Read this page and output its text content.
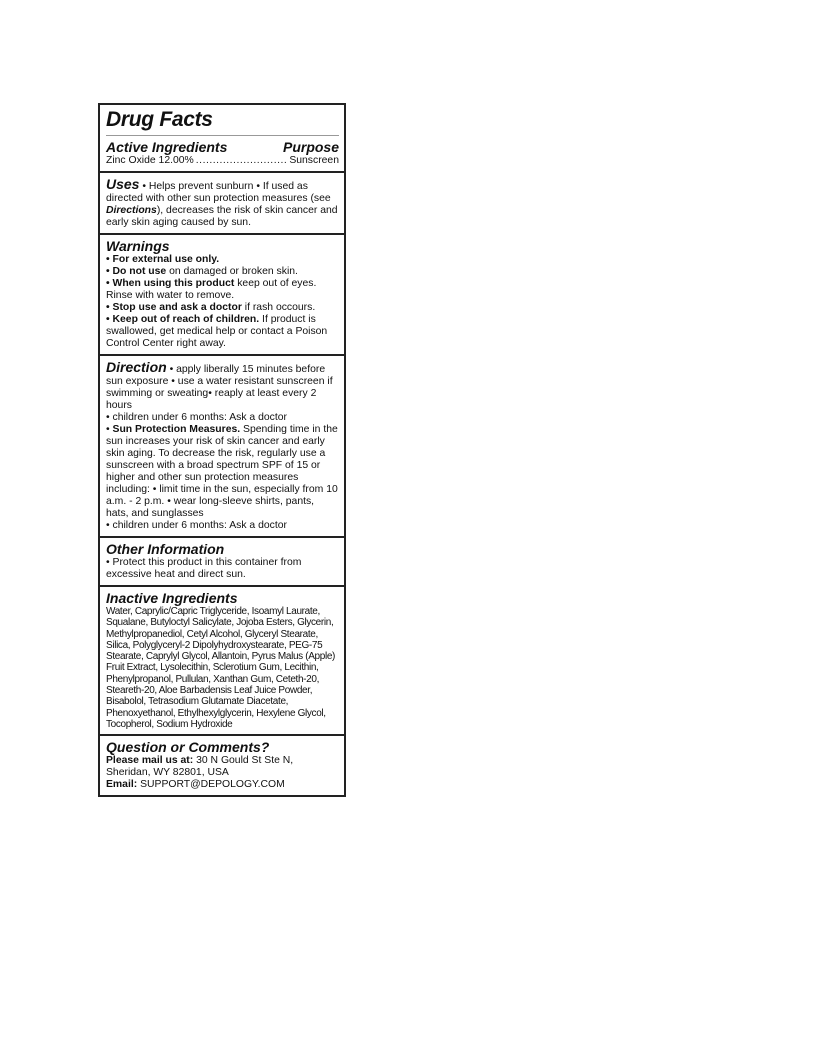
Drug Facts
Active Ingredients	Purpose
Zinc Oxide 12.00%
.....	Sunscreen
Uses • Helps prevent sunburn • If used as directed with other sun protection measures (see Directions), decreases the risk of skin cancer and early skin aging caused by sun.
Warnings
• For external use only.
• Do not use on damaged or broken skin.
• When using this product keep out of eyes. Rinse with water to remove.
• Stop use and ask a doctor if rash occours.
• Keep out of reach of children. If product is swallowed, get medical help or contact a Poison Control Center right away.
Direction • apply liberally 15 minutes before sun exposure • use a water resistant sunscreen if swimming or sweating• reaply at least every 2 hours
• children under 6 months: Ask a doctor
• Sun Protection Measures. Spending time in the sun increases your risk of skin cancer and early skin aging. To decrease the risk, regularly use a sunscreen with a broad spectrum SPF of 15 or higher and other sun protection measures including: • limit time in the sun, especially from 10 a.m. - 2 p.m. • wear long-sleeve shirts, pants, hats, and sunglasses
• children under 6 months: Ask a doctor
Other Information
• Protect this product in this container from excessive heat and direct sun.
Inactive Ingredients
Water, Caprylic/Capric Triglyceride, Isoamyl Laurate, Squalane, Butyloctyl Salicylate, Jojoba Esters, Glycerin, Methylpropanediol, Cetyl Alcohol, Glyceryl Stearate, Silica, Polyglyceryl-2 Dipolyhydroxystearate, PEG-75 Stearate, Caprylyl Glycol, Allantoin, Pyrus Malus (Apple) Fruit Extract, Lysolecithin, Sclerotium Gum, Lecithin, Phenylpropanol, Pullulan, Xanthan Gum, Ceteth-20, Steareth-20, Aloe Barbadensis Leaf Juice Powder, Bisabolol, Tetrasodium Glutamate Diacetate, Phenoxyethanol, Ethylhexylglycerin, Hexylene Glycol, Tocopherol, Sodium Hydroxide
Question or Comments?
Please mail us at: 30 N Gould St Ste N, Sheridan, WY 82801, USA
Email: SUPPORT@DEPOLOGY.COM
